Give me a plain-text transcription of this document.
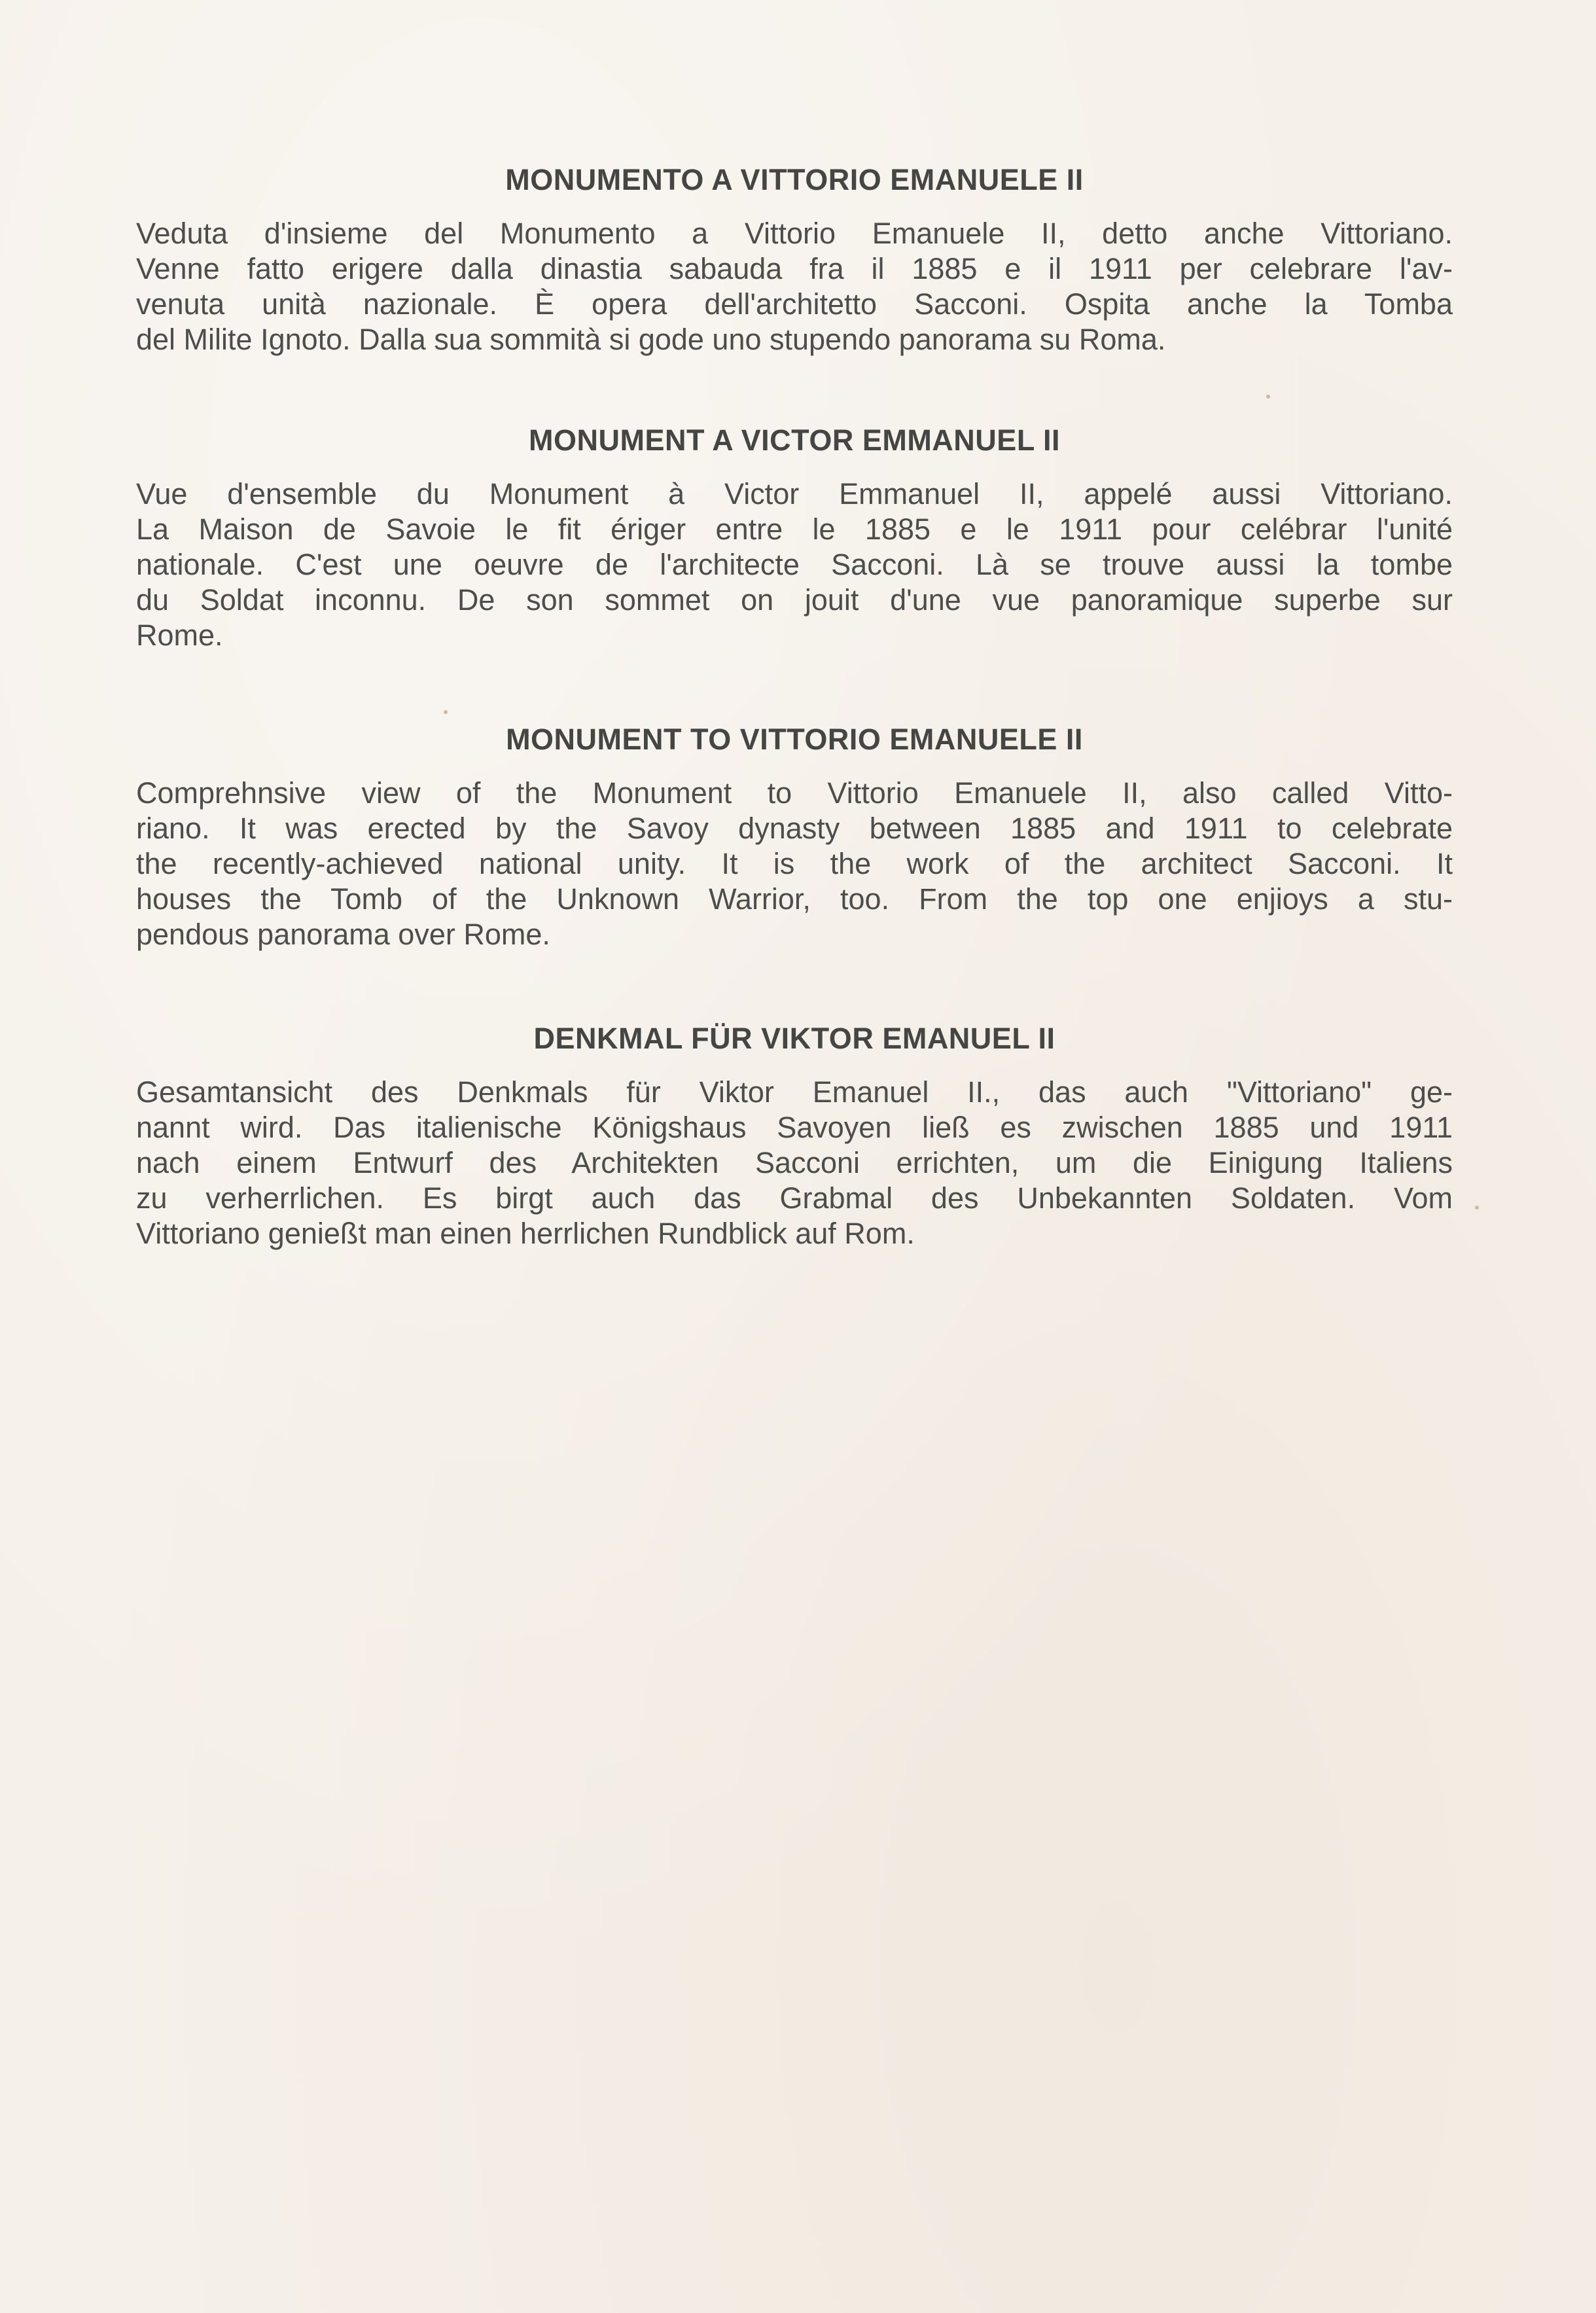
MONUMENTO A VITTORIO EMANUELE II

Veduta d'insieme del Monumento a Vittorio Emanuele II, detto anche Vittoriano.
Venne fatto erigere dalla dinastia sabauda fra il 1885 e il 1911 per celebrare l'av-
venuta unità nazionale. È opera dell'architetto Sacconi. Ospita anche la Tomba
del Milite Ignoto. Dalla sua sommità si gode uno stupendo panorama su Roma.

MONUMENT A VICTOR EMMANUEL II

Vue d'ensemble du Monument à Victor Emmanuel II, appelé aussi Vittoriano.
La Maison de Savoie le fit ériger entre le 1885 e le 1911 pour celébrar l'unité
nationale. C'est une oeuvre de l'architecte Sacconi. Là se trouve aussi la tombe
du Soldat inconnu. De son sommet on jouit d'une vue panoramique superbe sur
Rome.

MONUMENT TO VITTORIO EMANUELE II

Comprehnsive view of the Monument to Vittorio Emanuele II, also called Vitto-
riano. It was erected by the Savoy dynasty between 1885 and 1911 to celebrate
the recently-achieved national unity. It is the work of the architect Sacconi. It
houses the Tomb of the Unknown Warrior, too. From the top one enjioys a stu-
pendous panorama over Rome.

DENKMAL FÜR VIKTOR EMANUEL II

Gesamtansicht des Denkmals für Viktor Emanuel II., das auch "Vittoriano" ge-
nannt wird. Das italienische Königshaus Savoyen ließ es zwischen 1885 und 1911
nach einem Entwurf des Architekten Sacconi errichten, um die Einigung Italiens
zu verherrlichen. Es birgt auch das Grabmal des Unbekannten Soldaten. Vom
Vittoriano genießt man einen herrlichen Rundblick auf Rom.
